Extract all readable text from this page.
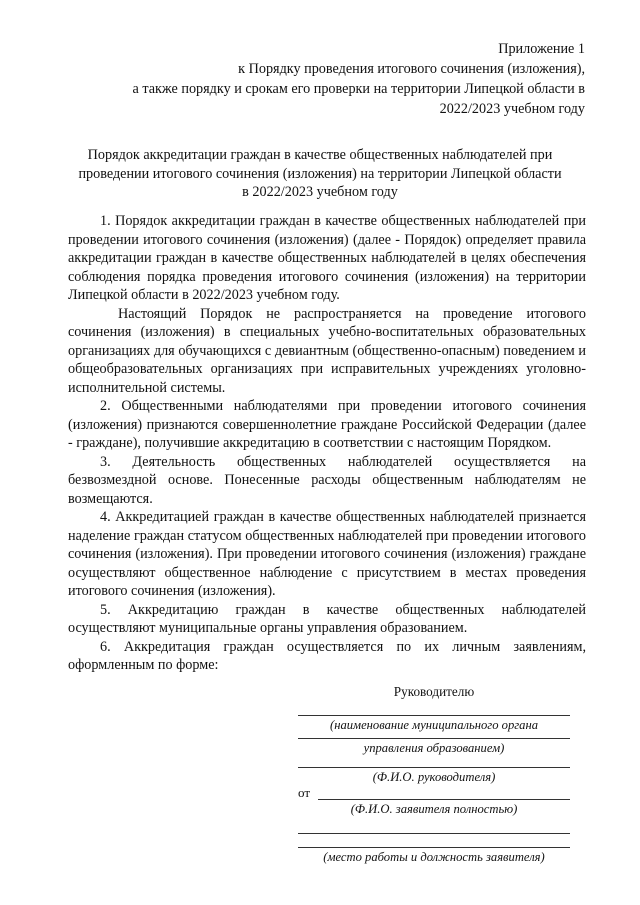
Приложение 1
к Порядку проведения итогового сочинения (изложения),
а также порядку и срокам его проверки на территории Липецкой области в
2022/2023 учебном году
Порядок аккредитации граждан в качестве общественных наблюдателей при
проведении итогового сочинения (изложения) на территории Липецкой области
в 2022/2023 учебном году

1. Порядок аккредитации граждан в качестве общественных наблюдателей при проведении итогового сочинения (изложения) (далее - Порядок) определяет правила аккредитации граждан в качестве общественных наблюдателей в целях обеспечения соблюдения порядка проведения итогового сочинения (изложения) на территории Липецкой области в 2022/2023 учебном году.

Настоящий Порядок не распространяется на проведение итогового сочинения (изложения) в специальных учебно-воспитательных образовательных организациях для обучающихся с девиантным (общественно-опасным) поведением и общеобразовательных организациях при исправительных учреждениях уголовно-исполнительной системы.

2. Общественными наблюдателями при проведении итогового сочинения (изложения) признаются совершеннолетние граждане Российской Федерации (далее - граждане), получившие аккредитацию в соответствии с настоящим Порядком.

3. Деятельность общественных наблюдателей осуществляется на безвозмездной основе. Понесенные расходы общественным наблюдателям не возмещаются.

4. Аккредитацией граждан в качестве общественных наблюдателей признается наделение граждан статусом общественных наблюдателей при проведении итогового сочинения (изложения). При проведении итогового сочинения (изложения) граждане осуществляют общественное наблюдение с присутствием в местах проведения итогового сочинения (изложения).

5. Аккредитацию граждан в качестве общественных наблюдателей осуществляют муниципальные органы управления образованием.

6. Аккредитация граждан осуществляется по их личным заявлениям, оформленным по форме:

Руководителю
(наименование муниципального органа
управления образованием)
(Ф.И.О. руководителя)
от
(Ф.И.О. заявителя полностью)
(место работы и должность заявителя)
